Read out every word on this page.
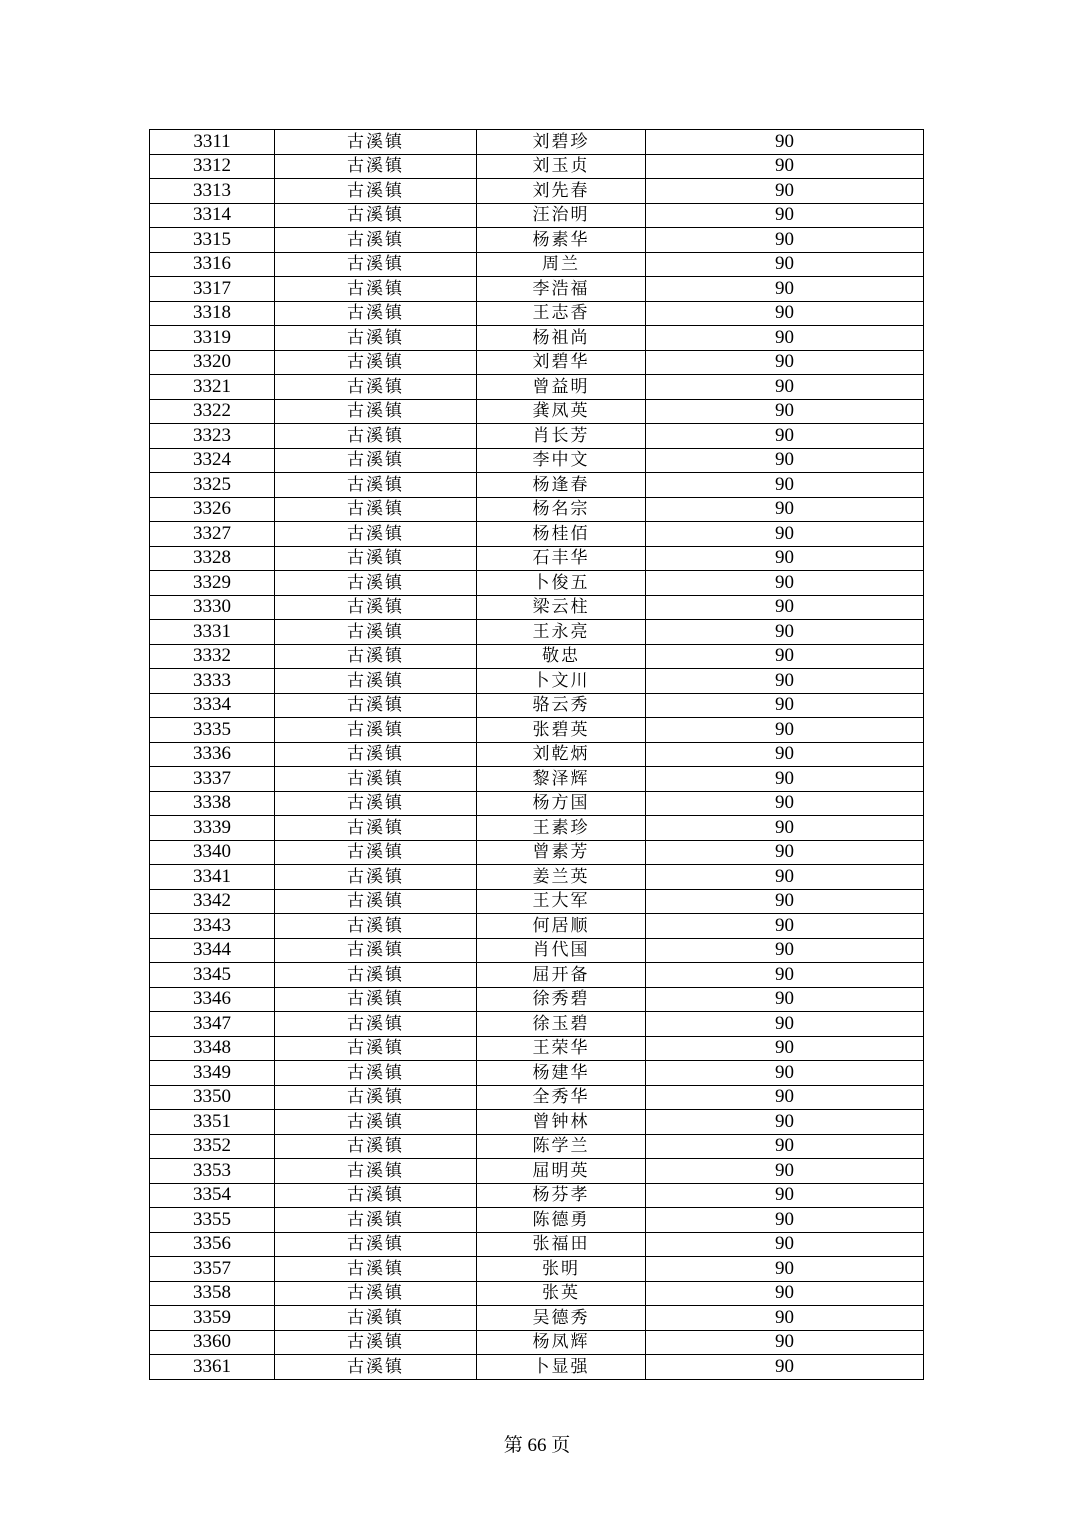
3311	古溪镇	刘碧珍	90
3312	古溪镇	刘玉贞	90
3313	古溪镇	刘先春	90
3314	古溪镇	汪治明	90
3315	古溪镇	杨素华	90
3316	古溪镇	周兰	90
3317	古溪镇	李浩福	90
3318	古溪镇	王志香	90
3319	古溪镇	杨祖尚	90
3320	古溪镇	刘碧华	90
3321	古溪镇	曾益明	90
3322	古溪镇	龚凤英	90
3323	古溪镇	肖长芳	90
3324	古溪镇	李中文	90
3325	古溪镇	杨逢春	90
3326	古溪镇	杨名宗	90
3327	古溪镇	杨桂佰	90
3328	古溪镇	石丰华	90
3329	古溪镇	卜俊五	90
3330	古溪镇	梁云柱	90
3331	古溪镇	王永亮	90
3332	古溪镇	敬忠	90
3333	古溪镇	卜文川	90
3334	古溪镇	骆云秀	90
3335	古溪镇	张碧英	90
3336	古溪镇	刘乾炳	90
3337	古溪镇	黎泽辉	90
3338	古溪镇	杨方国	90
3339	古溪镇	王素珍	90
3340	古溪镇	曾素芳	90
3341	古溪镇	姜兰英	90
3342	古溪镇	王大军	90
3343	古溪镇	何居顺	90
3344	古溪镇	肖代国	90
3345	古溪镇	屈开备	90
3346	古溪镇	徐秀碧	90
3347	古溪镇	徐玉碧	90
3348	古溪镇	王荣华	90
3349	古溪镇	杨建华	90
3350	古溪镇	全秀华	90
3351	古溪镇	曾钟林	90
3352	古溪镇	陈学兰	90
3353	古溪镇	屈明英	90
3354	古溪镇	杨芬孝	90
3355	古溪镇	陈德勇	90
3356	古溪镇	张福田	90
3357	古溪镇	张明	90
3358	古溪镇	张英	90
3359	古溪镇	吴德秀	90
3360	古溪镇	杨凤辉	90
3361	古溪镇	卜显强	90
第 66 页
